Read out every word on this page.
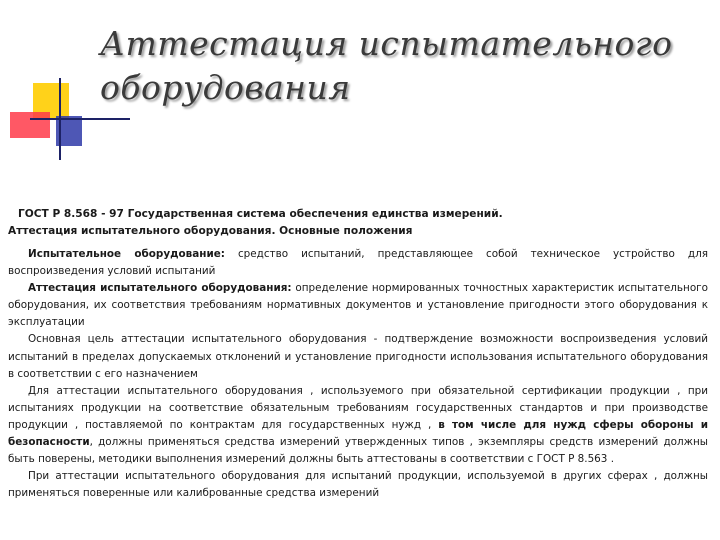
Аттестация испытательного
оборудования
ГОСТ Р 8.568 - 97 Государственная система обеспечения единства измерений.
Аттестация испытательного оборудования. Основные положения

Испытательное оборудование: средство испытаний, представляющее собой техническое устройство для воспроизведения условий испытаний

Аттестация испытательного оборудования: определение нормированных точностных характеристик испытательного оборудования, их соответствия требованиям нормативных документов и установление пригодности этого оборудования к эксплуатации

Основная цель аттестации испытательного оборудования - подтверждение возможности воспроизведения условий испытаний в пределах допускаемых отклонений и установление пригодности использования испытательного оборудования в соответствии с его назначением

Для аттестации испытательного оборудования , используемого при обязательной сертификации продукции , при испытаниях продукции на соответствие обязательным требованиям государственных стандартов и при производстве продукции , поставляемой по контрактам для государственных нужд , в том числе для нужд сферы обороны и безопасности, должны применяться средства измерений утвержденных типов , экземпляры средств измерений должны быть поверены, методики выполнения измерений должны быть аттестованы в соответствии с ГОСТ Р 8.563 .

При аттестации испытательного оборудования для испытаний продукции, используемой в других сферах , должны применяться поверенные или калиброванные средства измерений
